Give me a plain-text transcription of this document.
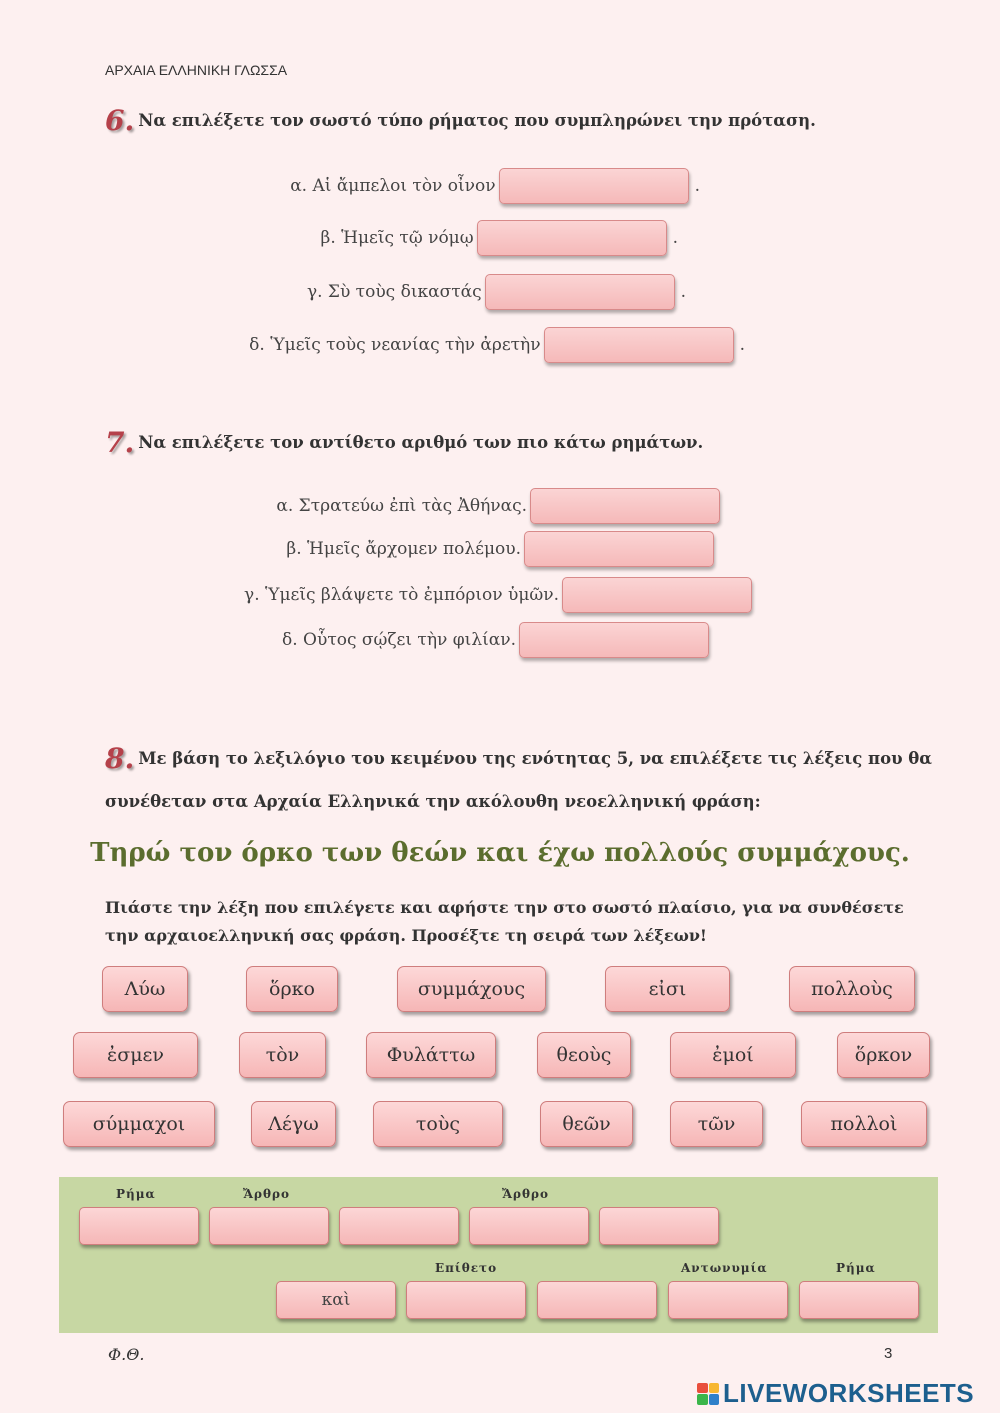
ΑΡΧΑΙΑ ΕΛΛΗΝΙΚΗ ΓΛΩΣΣΑ
6. Να επιλέξετε τον σωστό τύπο ρήματος που συμπληρώνει την πρόταση.
α. Αἱ ἄμπελοι τὸν οἶνον	.
β. Ἡμεῖς τῷ νόμῳ	.
γ. Σὺ τοὺς δικαστάς	.
δ. Ὑμεῖς τοὺς νεανίας τὴν ἀρετὴν	.
7. Να επιλέξετε τον αντίθετο αριθμό των πιο κάτω ρημάτων.
α. Στρατεύω ἐπὶ τὰς Ἀθήνας.
β. Ἡμεῖς ἄρχομεν πολέμου.
γ. Ὑμεῖς βλάψετε τὸ ἐμπόριον ὑμῶν.
δ. Οὗτος σῴζει τὴν φιλίαν.
8. Με βάση το λεξιλόγιο του κειμένου της ενότητας 5, να επιλέξετε τις λέξεις που θα
συνέθεταν στα Αρχαία Ελληνικά την ακόλουθη νεοελληνική φράση:
Τηρώ τον όρκο των θεών και έχω πολλούς συμμάχους.
Πιάστε την λέξη που επιλέγετε και αφήστε την στο σωστό πλαίσιο, για να συνθέσετε την αρχαιοελληνική σας φράση. Προσέξτε τη σειρά των λέξεων!
Λύω	ὅρκο	συμμάχους	εἰσι	πολλοὺς
ἐσμεν	τὸν	Φυλάττω	θεοὺς	ἐμοί	ὅρκον
σύμμαχοι	Λέγω	τοὺς	θεῶν	τῶν	πολλοὶ
Ρήμα	Ἄρθρο	Ἄρθρο
Επίθετο	Αντωνυμία	Ρήμα
καὶ
Φ.Θ.	3
LIVEWORKSHEETS
